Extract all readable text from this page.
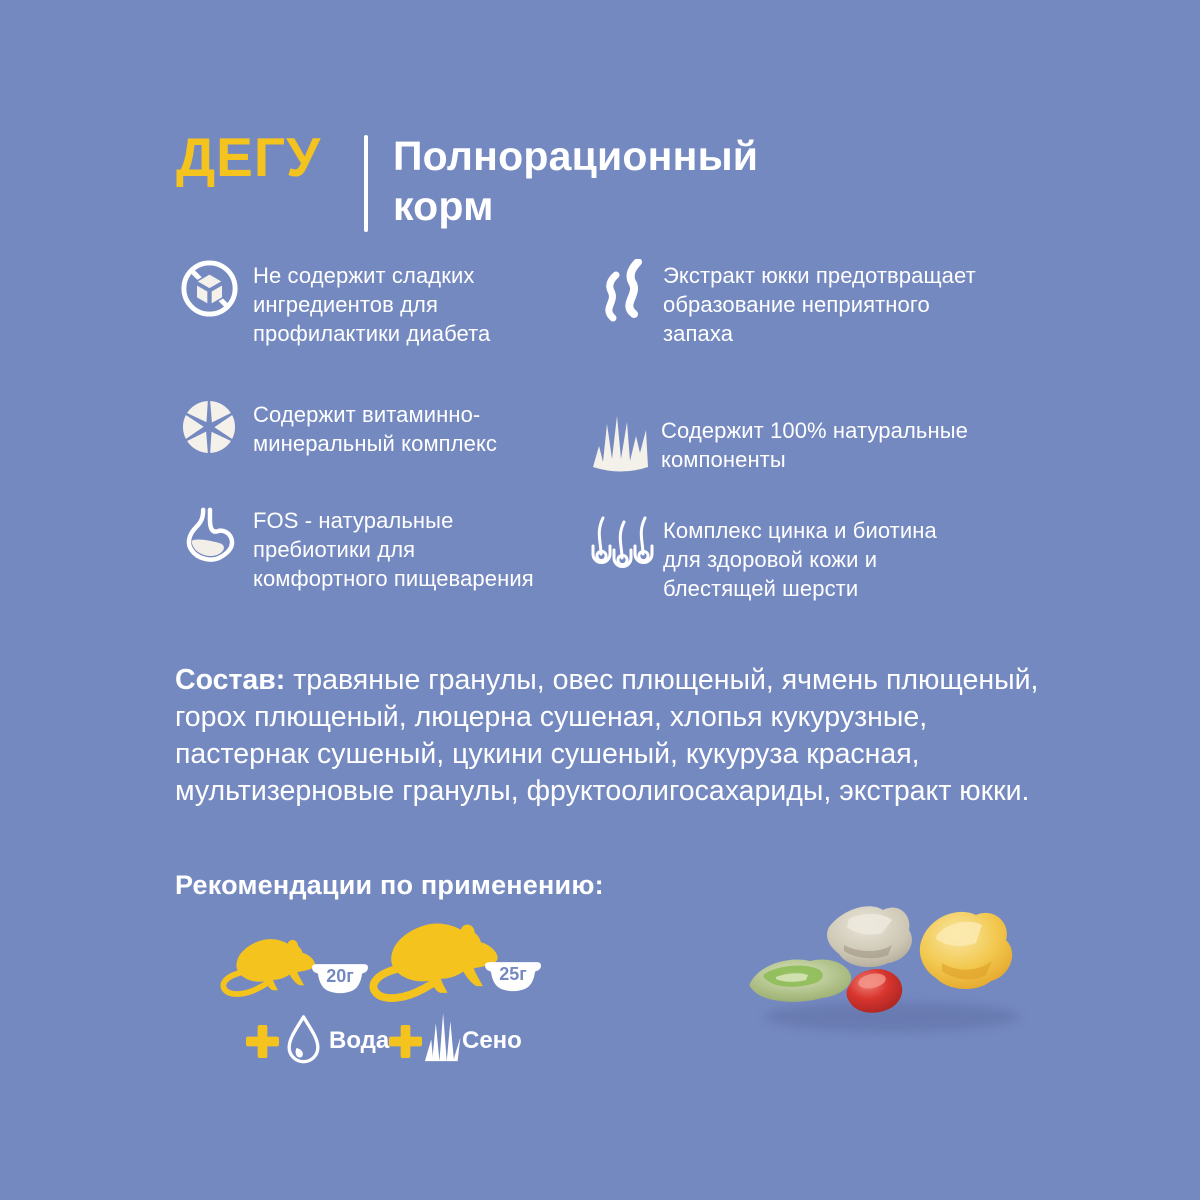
ДЕГУ Полнорационный корм
Не содержит сладких ингредиентов для профилактики диабета
Содержит витаминно-минеральный комплекс
FOS - натуральные пребиотики для комфортного пищеварения
Экстракт юкки предотвращает образование неприятного запаха
Содержит 100% натуральные компоненты
Комплекс цинка и биотина для здоровой кожи и блестящей шерсти
Состав: травяные гранулы, овес плющеный, ячмень плющеный, горох плющеный, люцерна сушеная, хлопья кукурузные, пастернак сушеный, цукини сушеный, кукуруза красная, мультизерновые гранулы, фруктоолигосахариды, экстракт юкки.
Рекомендации по применению:
20г	25г
Вода	Сено
